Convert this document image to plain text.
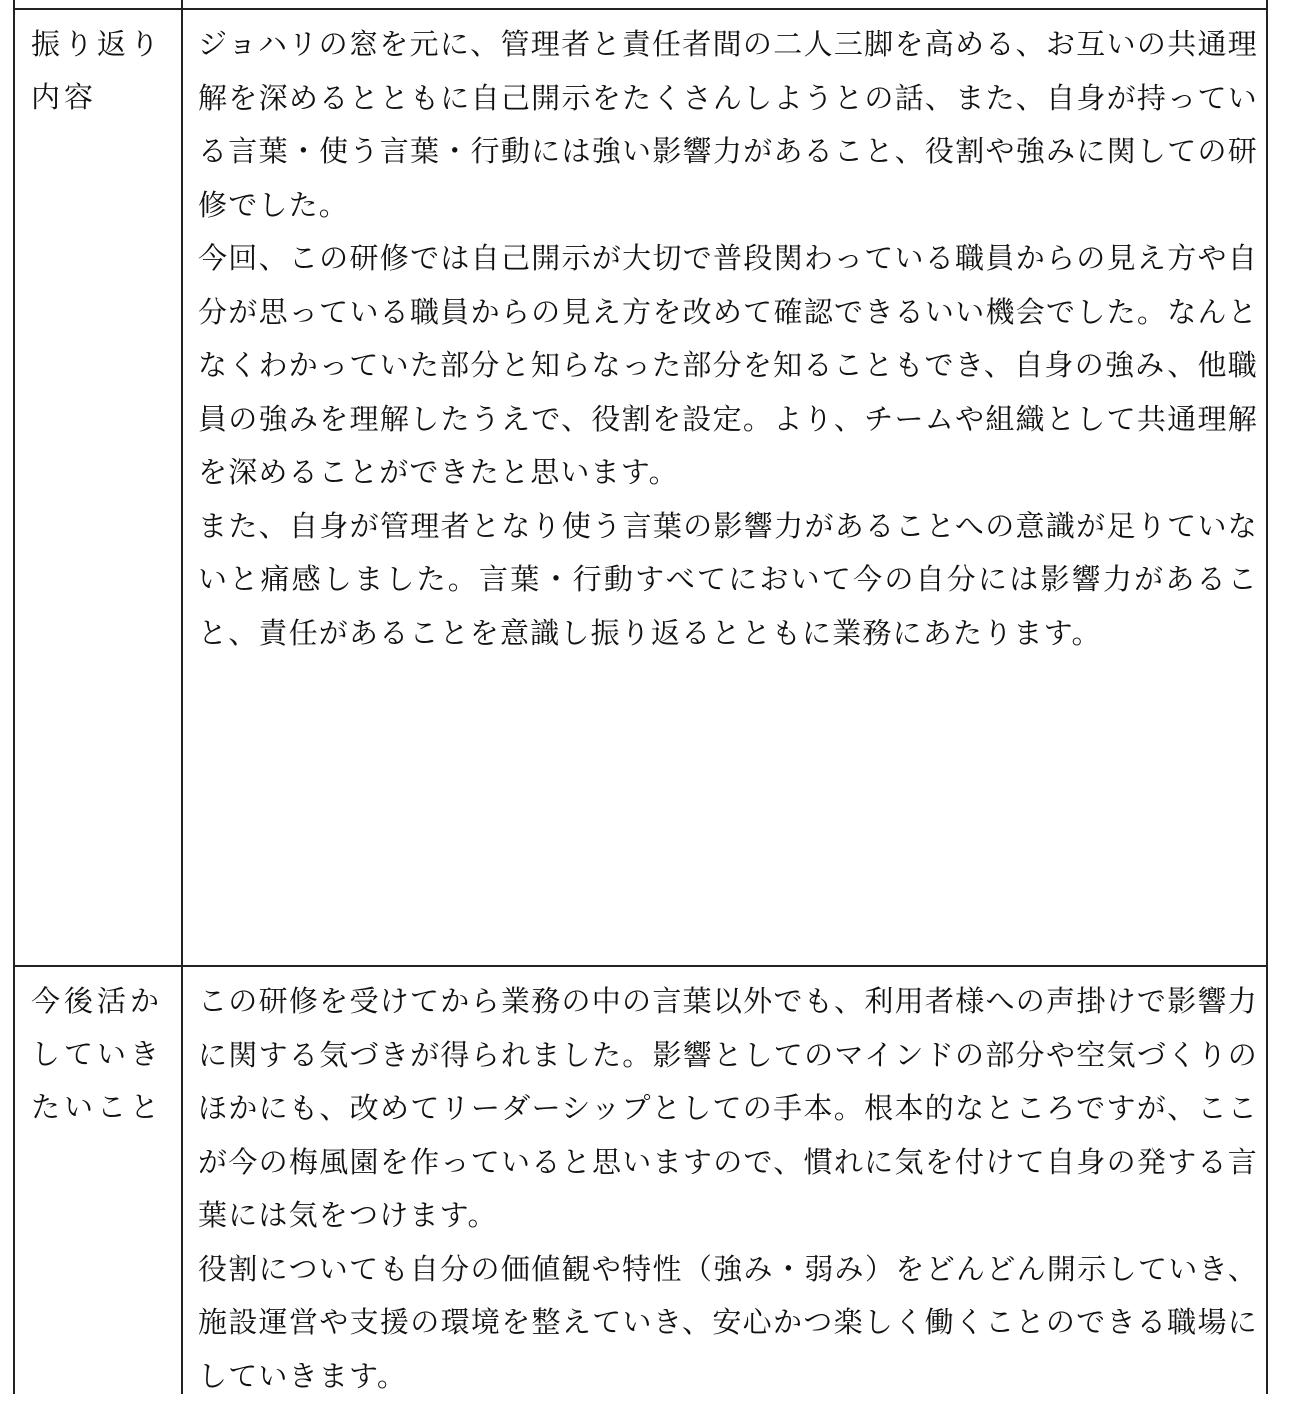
振り返り内容

ジョハリの窓を元に、管理者と責任者間の二人三脚を高める、お互いの共通理解を深めるとともに自己開示をたくさんしようとの話、また、自身が持っている言葉・使う言葉・行動には強い影響力があること、役割や強みに関しての研修でした。

今回、この研修では自己開示が大切で普段関わっている職員からの見え方や自分が思っている職員からの見え方を改めて確認できるいい機会でした。なんとなくわかっていた部分と知らなった部分を知ることもでき、自身の強み、他職員の強みを理解したうえで、役割を設定。より、チームや組織として共通理解を深めることができたと思います。

また、自身が管理者となり使う言葉の影響力があることへの意識が足りていないと痛感しました。言葉・行動すべてにおいて今の自分には影響力があること、責任があることを意識し振り返るとともに業務にあたります。

今後活かしていきたいこと

この研修を受けてから業務の中の言葉以外でも、利用者様への声掛けで影響力に関する気づきが得られました。影響としてのマインドの部分や空気づくりのほかにも、改めてリーダーシップとしての手本。根本的なところですが、ここが今の梅風園を作っていると思いますので、慣れに気を付けて自身の発する言葉には気をつけます。

役割についても自分の価値観や特性（強み・弱み）をどんどん開示していき、施設運営や支援の環境を整えていき、安心かつ楽しく働くことのできる職場にしていきます。
